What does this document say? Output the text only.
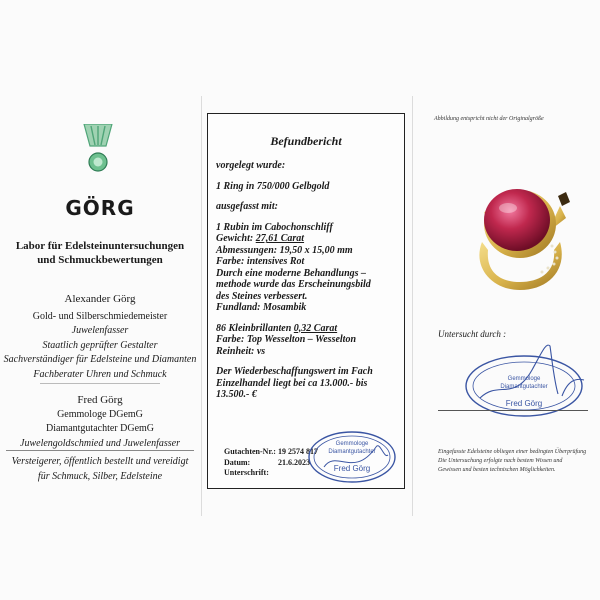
GÖRG
Labor für Edelsteinuntersuchungen
und Schmuckbewertungen
Alexander Görg
Gold- und Silberschmiedemeister
Juwelenfasser
Staatlich geprüfter Gestalter
Sachverständiger für Edelsteine und Diamanten
Fachberater Uhren und Schmuck
Fred Görg
Gemmologe DGemG
Diamantgutachter DGemG
Juwelengoldschmied und Juwelenfasser
Versteigerer, öffentlich bestellt und vereidigt
für Schmuck, Silber, Edelsteine
Befundbericht

vorgelegt wurde:

1 Ring in 750/000 Gelbgold

ausgefasst mit:

1 Rubin im Cabochonschliff

Gewicht: 27,61 Carat

Abmessungen: 19,50 x 15,00 mm

Farbe: intensives Rot

Durch eine moderne Behandlungs –

methode wurde das Erscheinungsbild

des Steines verbessert.

Fundland: Mosambik

86 Kleinbrillanten 0,32 Carat

Farbe: Top Wesselton – Wesselton

Reinheit: vs

Der Wiederbeschaffungswert im Fach

Einzelhandel liegt bei ca 13.000.- bis

13.500.- €

Gutachten-Nr.: 19 2574 817
Datum:	21.6.2023
Unterschrift:
Gemmologe
Diamantgutachter
Fred Görg
Abbildung entspricht nicht der Originalgröße
Untersucht durch :
Gemmologe
Diamantgutachter
Fred Görg
Eingefasste Edelsteine obliegen einer bedingten Überprüfung
Die Untersuchung erfolgte nach bestem Wissen und
Gewissen und besten technischen Möglichkeiten.
